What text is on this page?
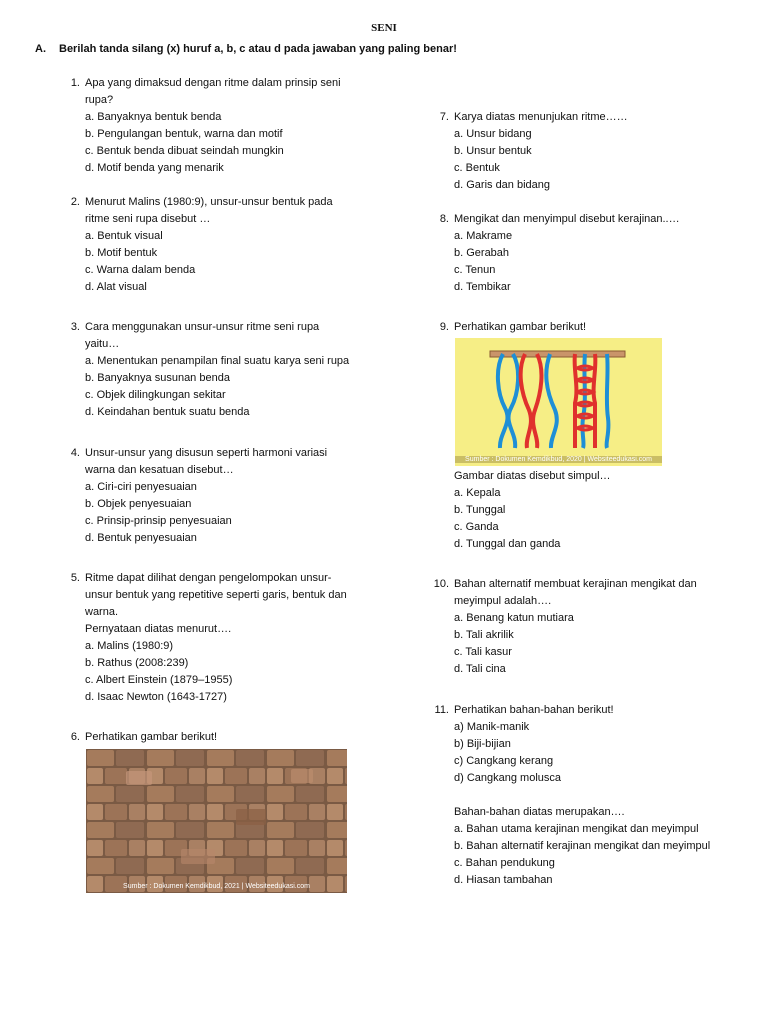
SENI
A. Berilah tanda silang (x) huruf a, b, c atau d pada jawaban yang paling benar!
1. Apa yang dimaksud dengan ritme dalam prinsip seni
rupa?
a. Banyaknya bentuk benda
b. Pengulangan bentuk, warna dan motif
c. Bentuk benda dibuat seindah mungkin
d. Motif benda yang menarik
2. Menurut Malins (1980:9), unsur-unsur bentuk pada
ritme seni rupa disebut …
a. Bentuk visual
b. Motif bentuk
c. Warna dalam benda
d. Alat visual
3. Cara menggunakan unsur-unsur ritme seni rupa
yaitu…
a. Menentukan penampilan final suatu karya seni rupa
b. Banyaknya susunan benda
c. Objek dilingkungan sekitar
d. Keindahan bentuk suatu benda
4. Unsur-unsur yang disusun seperti harmoni variasi
warna dan kesatuan disebut…
a. Ciri-ciri penyesuaian
b. Objek penyesuaian
c. Prinsip-prinsip penyesuaian
d. Bentuk penyesuaian
5. Ritme dapat dilihat dengan pengelompokan unsur-
unsur bentuk yang repetitive seperti garis, bentuk dan
warna.
Pernyataan diatas menurut….
a. Malins (1980:9)
b. Rathus (2008:239)
c. Albert Einstein (1879–1955)
d. Isaac Newton (1643-1727)
6. Perhatikan gambar berikut!
Sumber : Dokumen Kemdikbud, 2021 | Websiteedukasi.com
7. Karya diatas menunjukan ritme……
a. Unsur bidang
b. Unsur bentuk
c. Bentuk
d. Garis dan bidang
8. Mengikat dan menyimpul disebut kerajinan..…
a. Makrame
b. Gerabah
c. Tenun
d. Tembikar
9. Perhatikan gambar berikut!
Sumber : Dokumen Kemdikbud, 2020 | Websiteedukasi.com
Gambar diatas disebut simpul…
a. Kepala
b. Tunggal
c. Ganda
d. Tunggal dan ganda
10. Bahan alternatif membuat kerajinan mengikat dan
meyimpul adalah….
a. Benang katun mutiara
b. Tali akrilik
c. Tali kasur
d. Tali cina
11. Perhatikan bahan-bahan berikut!
a) Manik-manik
b) Biji-bijian
c) Cangkang kerang
d) Cangkang molusca

Bahan-bahan diatas merupakan….
a. Bahan utama kerajinan mengikat dan meyimpul
b. Bahan alternatif kerajinan mengikat dan meyimpul
c. Bahan pendukung
d. Hiasan tambahan
